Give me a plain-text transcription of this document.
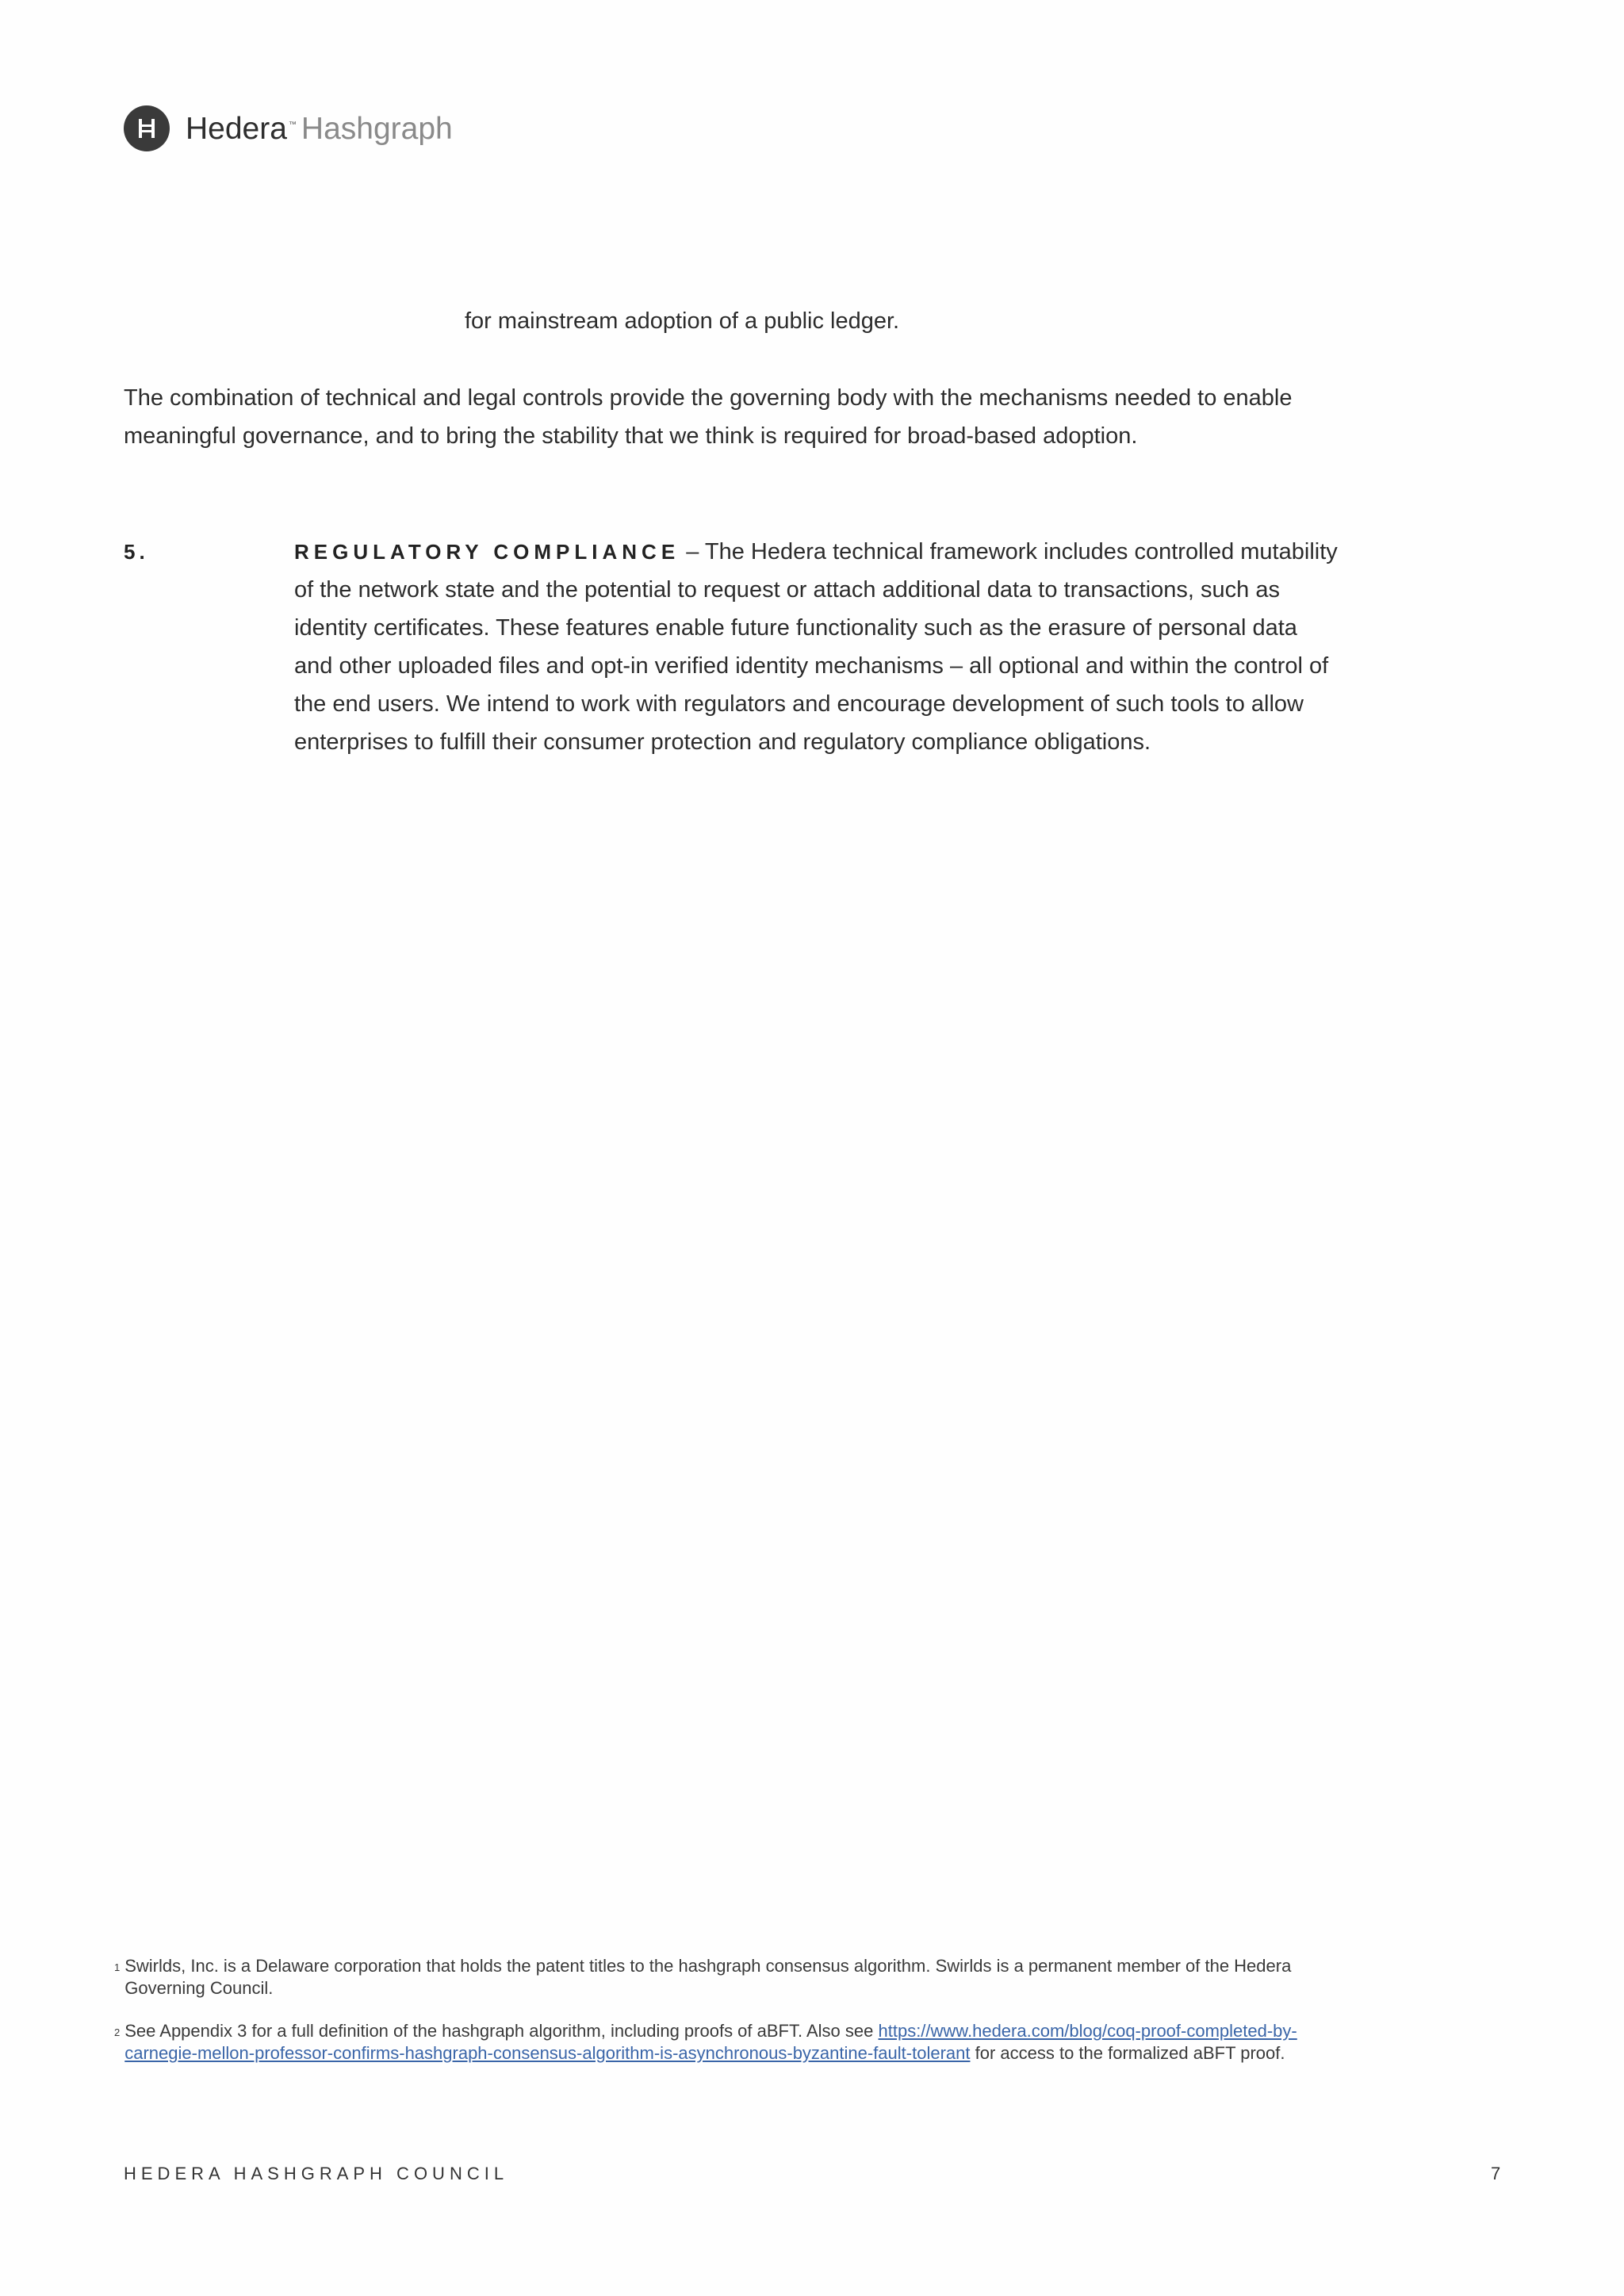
Hedera ™ Hashgraph
for mainstream adoption of a public ledger.
The combination of technical and legal controls provide the governing body with the mechanisms needed to enable meaningful governance, and to bring the stability that we think is required for broad-based adoption.
5.	REGULATORY COMPLIANCE – The Hedera technical framework includes controlled mutability of the network state and the potential to request or attach additional data to transactions, such as identity certificates. These features enable future functionality such as the erasure of personal data and other uploaded files and opt-in verified identity mechanisms – all optional and within the control of the end users. We intend to work with regulators and encourage development of such tools to allow enterprises to fulfill their consumer protection and regulatory compliance obligations.
$^1$ Swirlds, Inc. is a Delaware corporation that holds the patent titles to the hashgraph consensus algorithm. Swirlds is a permanent member of the Hedera Governing Council.
$^2$ See Appendix 3 for a full definition of the hashgraph algorithm, including proofs of aBFT. Also see https://www.hedera.com/blog/coq-proof-completed-by-carnegie-mellon-professor-confirms-hashgraph-consensus-algorithm-is-asynchronous-byzantine-fault-tolerant for access to the formalized aBFT proof.
HEDERA HASHGRAPH COUNCIL	7
